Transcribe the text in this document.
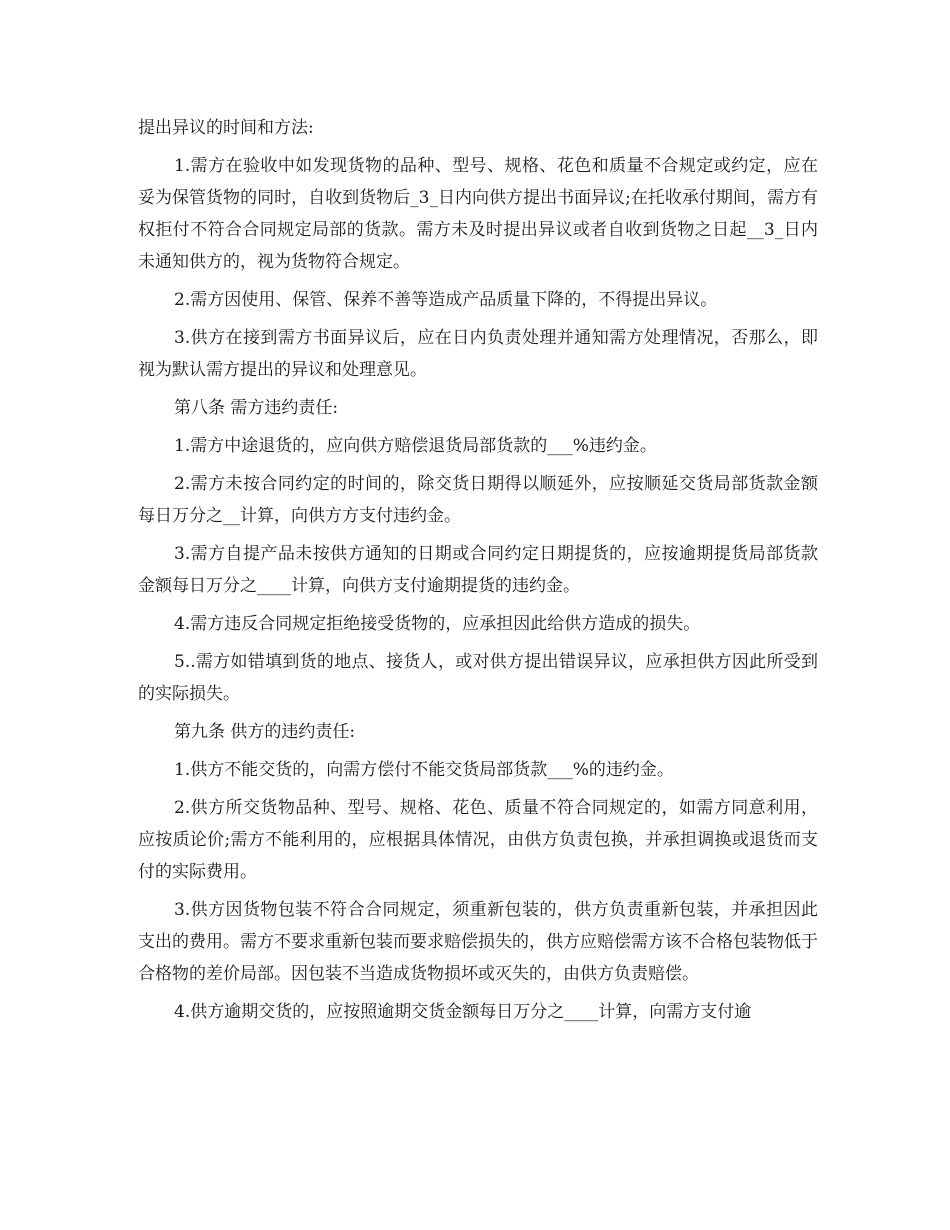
提出异议的时间和方法:

1.需方在验收中如发现货物的品种、型号、规格、花色和质量不合规定或约定，应在妥为保管货物的同时，自收到货物后_3_日内向供方提出书面异议;在托收承付期间，需方有权拒付不符合合同规定局部的货款。需方未及时提出异议或者自收到货物之日起__3_日内未通知供方的，视为货物符合规定。

2.需方因使用、保管、保养不善等造成产品质量下降的，不得提出异议。

3.供方在接到需方书面异议后，应在日内负责处理并通知需方处理情况，否那么，即视为默认需方提出的异议和处理意见。

第八条 需方违约责任:

1.需方中途退货的，应向供方赔偿退货局部货款的___%违约金。

2.需方未按合同约定的时间的，除交货日期得以顺延外，应按顺延交货局部货款金额每日万分之__计算，向供方方支付违约金。

3.需方自提产品未按供方通知的日期或合同约定日期提货的，应按逾期提货局部货款金额每日万分之____计算，向供方支付逾期提货的违约金。

4.需方违反合同规定拒绝接受货物的，应承担因此给供方造成的损失。

5..需方如错填到货的地点、接货人，或对供方提出错误异议，应承担供方因此所受到的实际损失。

第九条 供方的违约责任:

1.供方不能交货的，向需方偿付不能交货局部货款___%的违约金。

2.供方所交货物品种、型号、规格、花色、质量不符合同规定的，如需方同意利用，应按质论价;需方不能利用的，应根据具体情况，由供方负责包换，并承担调换或退货而支付的实际费用。

3.供方因货物包装不符合合同规定，须重新包装的，供方负责重新包装，并承担因此支出的费用。需方不要求重新包装而要求赔偿损失的，供方应赔偿需方该不合格包装物低于合格物的差价局部。因包装不当造成货物损坏或灭失的，由供方负责赔偿。

4.供方逾期交货的，应按照逾期交货金额每日万分之____计算，向需方支付逾
